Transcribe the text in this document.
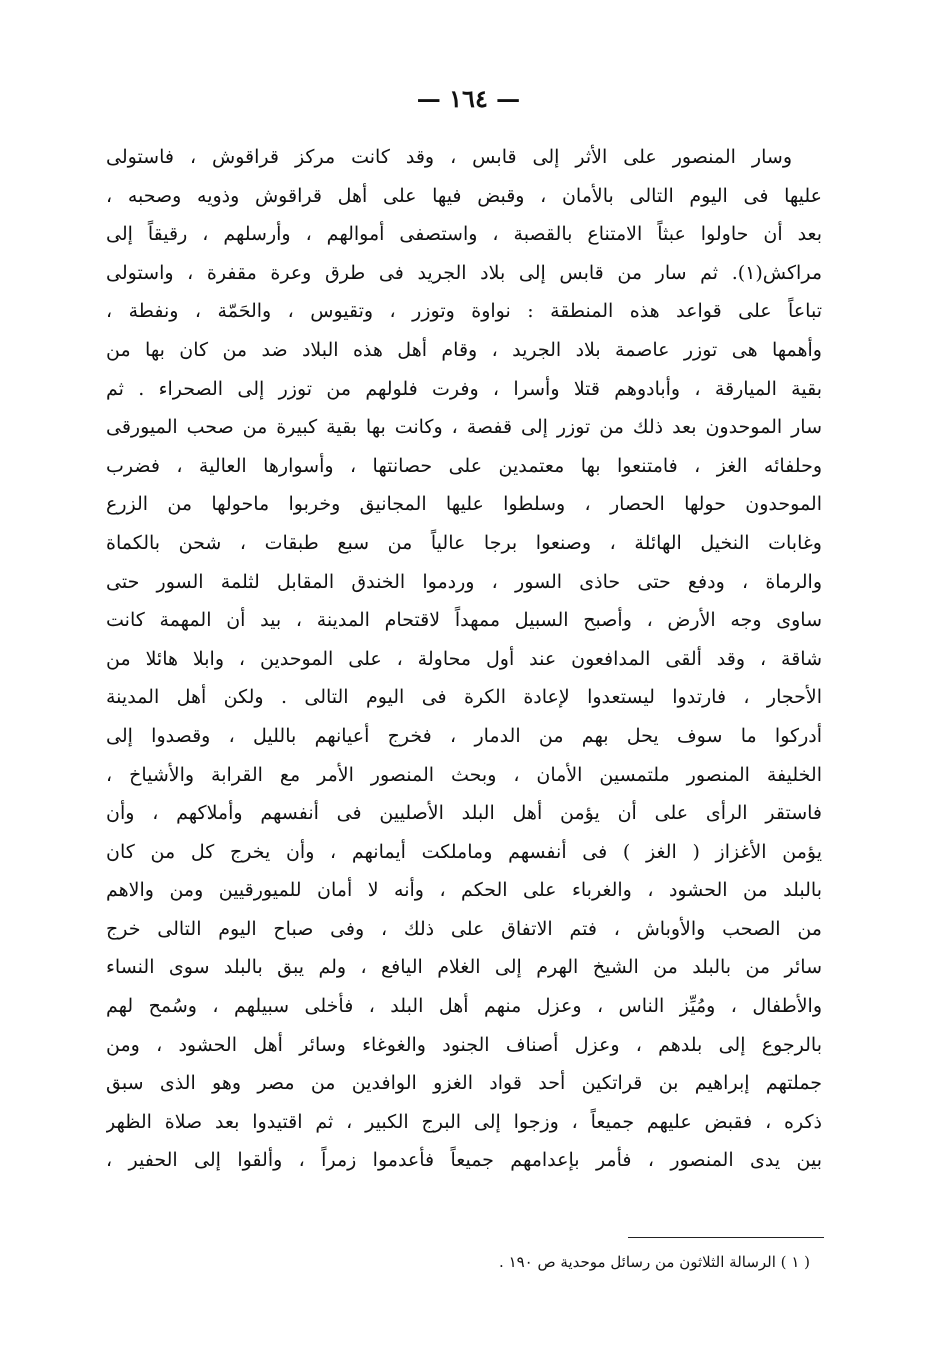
— ١٦٤ —
وسار المنصور على الأثر إلى قابس ، وقد كانت مركز قراقوش ، فاستولى
عليها فى اليوم التالى بالأمان ، وقبض فيها على أهل قراقوش وذويه وصحبه ،
بعد أن حاولوا عبثاً الامتناع بالقصبة ، واستصفى أموالهم ، وأرسلهم ، رقيقاً إلى
مراكش(١). ثم سار من قابس إلى بلاد الجريد فى طرق وعرة مقفرة ، واستولى
تباعاً على قواعد هذه المنطقة : نواوة وتوزر ، وتقيوس ، والحَمّة ، ونفطة ،
وأهمها هى توزر عاصمة بلاد الجريد ، وقام أهل هذه البلاد ضد من كان بها من
بقية الميارقة ، وأبادوهم قتلا وأسرا ، وفرت فلولهم من توزر إلى الصحراء . ثم
سار الموحدون بعد ذلك من توزر إلى قفصة ، وكانت بها بقية كبيرة من صحب الميورقى
وحلفائه الغز ، فامتنعوا بها معتمدين على حصانتها ، وأسوارها العالية ، فضرب
الموحدون حولها الحصار ، وسلطوا عليها المجانيق وخربوا ماحولها من الزرع
وغابات النخيل الهائلة ، وصنعوا برجا عالياً من سبع طبقات ، شحن بالكماة
والرماة ، ودفع حتى حاذى السور ، وردموا الخندق المقابل لثلمة السور حتى
ساوى وجه الأرض ، وأصبح السبيل ممهداً لاقتحام المدينة ، بيد أن المهمة كانت
شاقة ، وقد ألقى المدافعون عند أول محاولة ، على الموحدين ، وابلا هائلا من
الأحجار ، فارتدوا ليستعدوا لإعادة الكرة فى اليوم التالى . ولكن أهل المدينة
أدركوا ما سوف يحل بهم من الدمار ، فخرج أعيانهم بالليل ، وقصدوا إلى
الخليفة المنصور ملتمسين الأمان ، وبحث المنصور الأمر مع القرابة والأشياخ ،
فاستقر الرأى على أن يؤمن أهل البلد الأصليين فى أنفسهم وأملاكهم ، وأن
يؤمن الأغزاز ( الغز ) فى أنفسهم وماملكت أيمانهم ، وأن يخرج كل من كان
بالبلد من الحشود ، والغرباء على الحكم ، وأنه لا أمان للميورقيين ومن والاهم
من الصحب والأوباش ، فتم الاتفاق على ذلك ، وفى صباح اليوم التالى خرج
سائر من بالبلد من الشيخ الهرم إلى الغلام اليافع ، ولم يبق بالبلد سوى النساء
والأطفال ، ومُيِّز الناس ، وعزل منهم أهل البلد ، فأخلى سبيلهم ، وسُمح لهم
بالرجوع إلى بلدهم ، وعزل أصناف الجنود والغوغاء وسائر أهل الحشود ، ومن
جملتهم إبراهيم بن قراتكين أحد قواد الغزو الوافدين من مصر وهو الذى سبق
ذكره ، فقبض عليهم جميعاً ، وزجوا إلى البرج الكبير ، ثم اقتيدوا بعد صلاة الظهر
بين يدى المنصور ، فأمر بإعدامهم جميعاً فأعدموا زمراً ، وألقوا إلى الحفير ،
( ١ ) الرسالة الثلاثون من رسائل موحدية ص ١٩٠ .
